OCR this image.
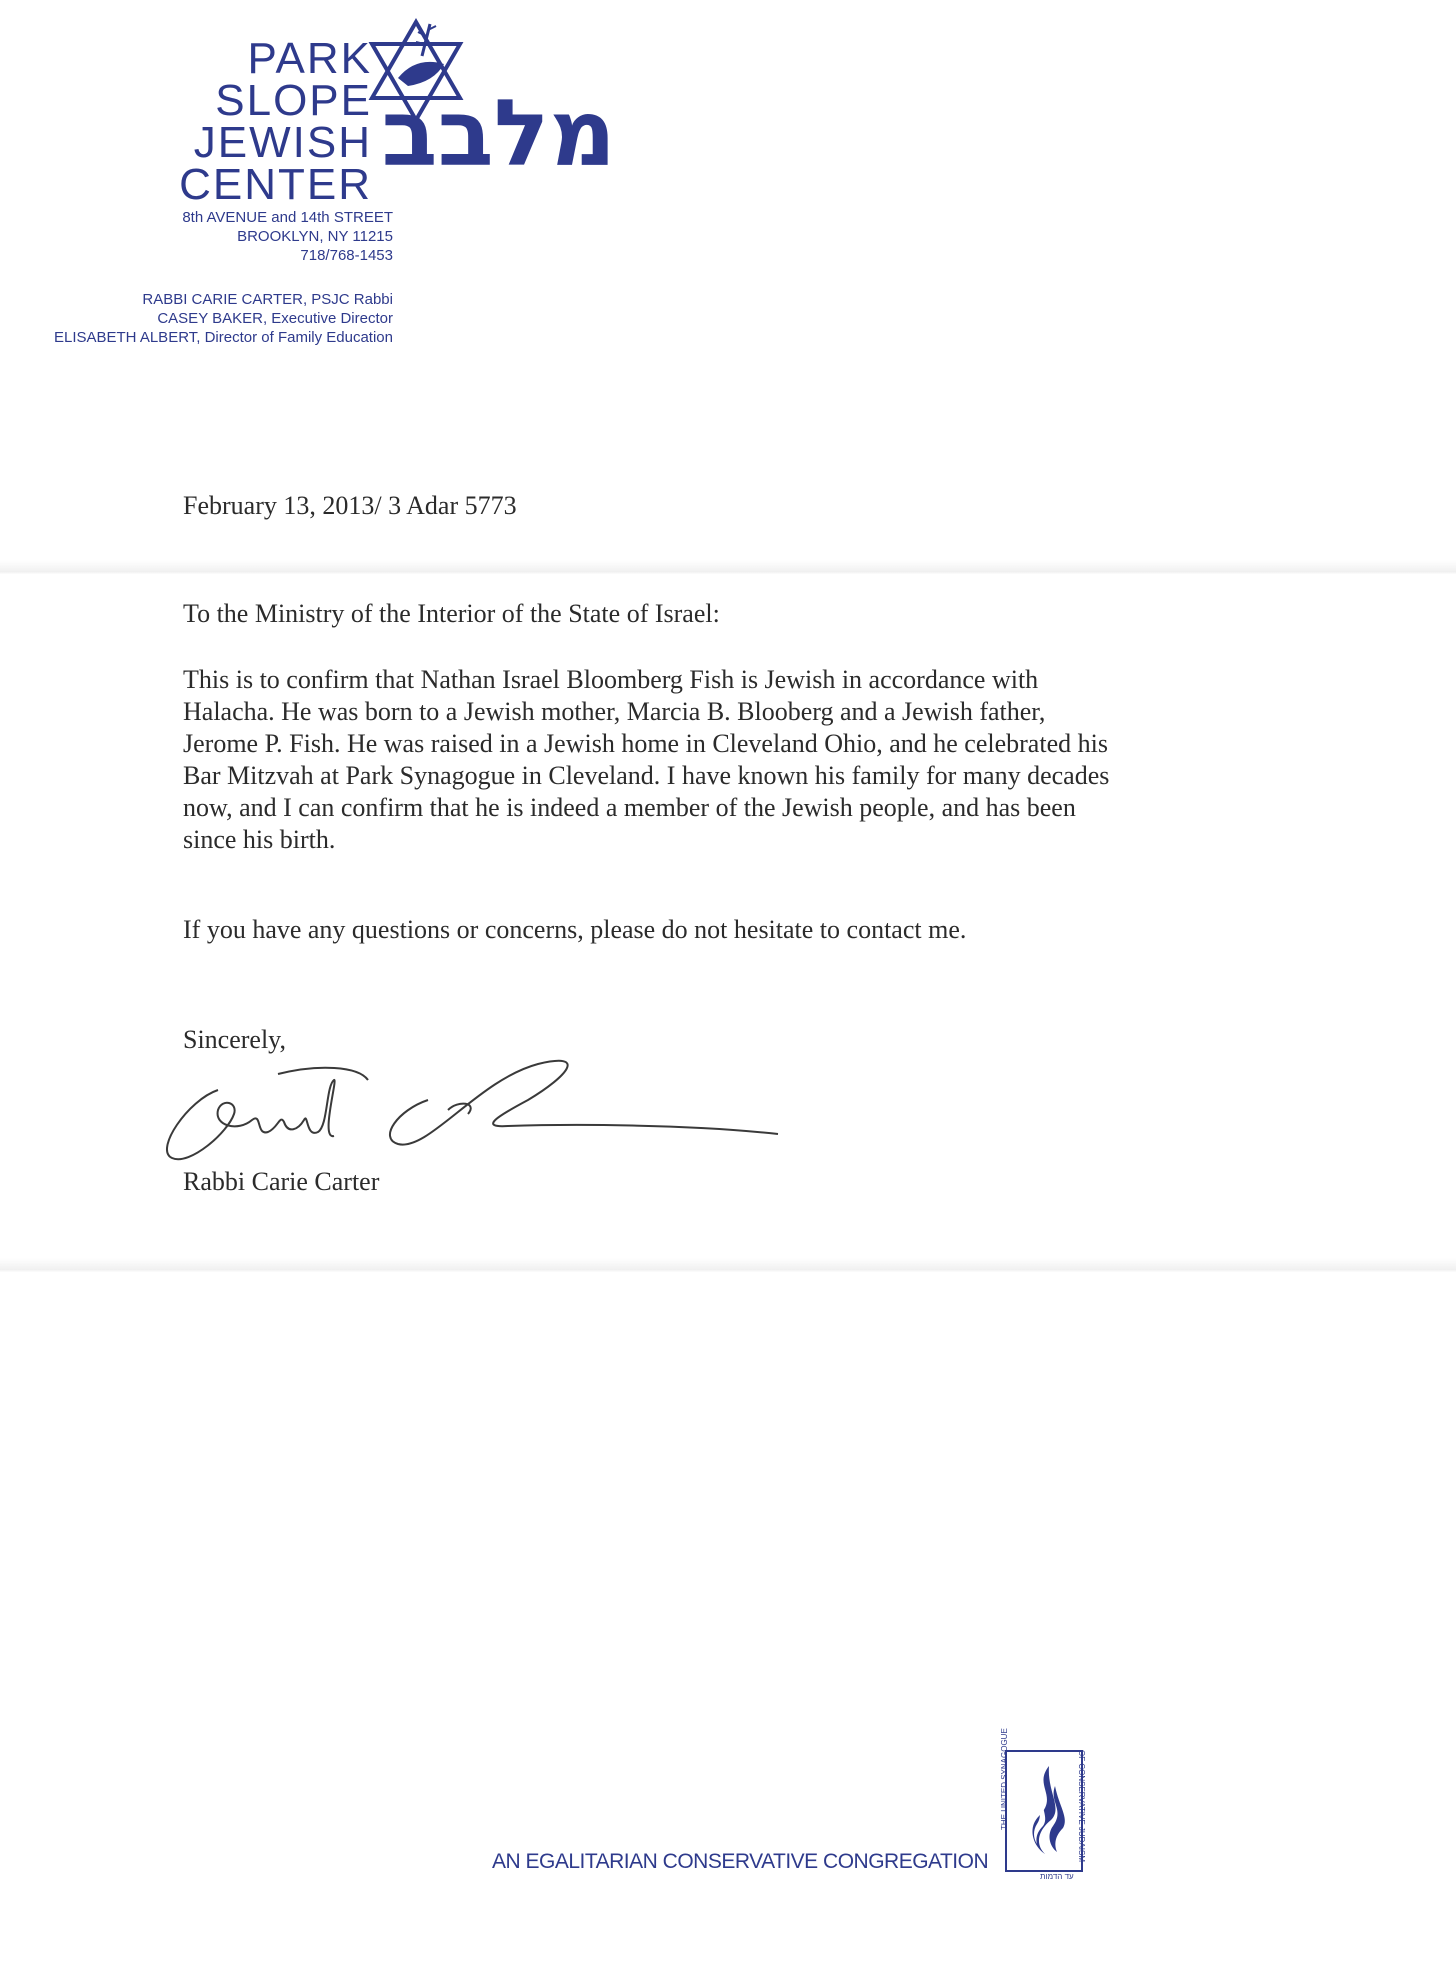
PARK
SLOPE
JEWISH
CENTER מלבב
8th AVENUE and 14th STREET
BROOKLYN, NY 11215
718/768-1453
RABBI CARIE CARTER, PSJC Rabbi
CASEY BAKER, Executive Director
ELISABETH ALBERT, Director of Family Education
February 13, 2013/ 3 Adar 5773
To the Ministry of the Interior of the State of Israel:
This is to confirm that Nathan Israel Bloomberg Fish is Jewish in accordance with
Halacha. He was born to a Jewish mother, Marcia B. Blooberg and a Jewish father,
Jerome P. Fish. He was raised in a Jewish home in Cleveland Ohio, and he celebrated his
Bar Mitzvah at Park Synagogue in Cleveland. I have known his family for many decades
now, and I can confirm that he is indeed a member of the Jewish people, and has been
since his birth.
If you have any questions or concerns, please do not hesitate to contact me.
Sincerely,
Rabbi Carie Carter
AN EGALITARIAN CONSERVATIVE CONGREGATION
THE UNITED SYNAGOGUE	OF CONSERVATIVE JUDAISM
עד הדמות
